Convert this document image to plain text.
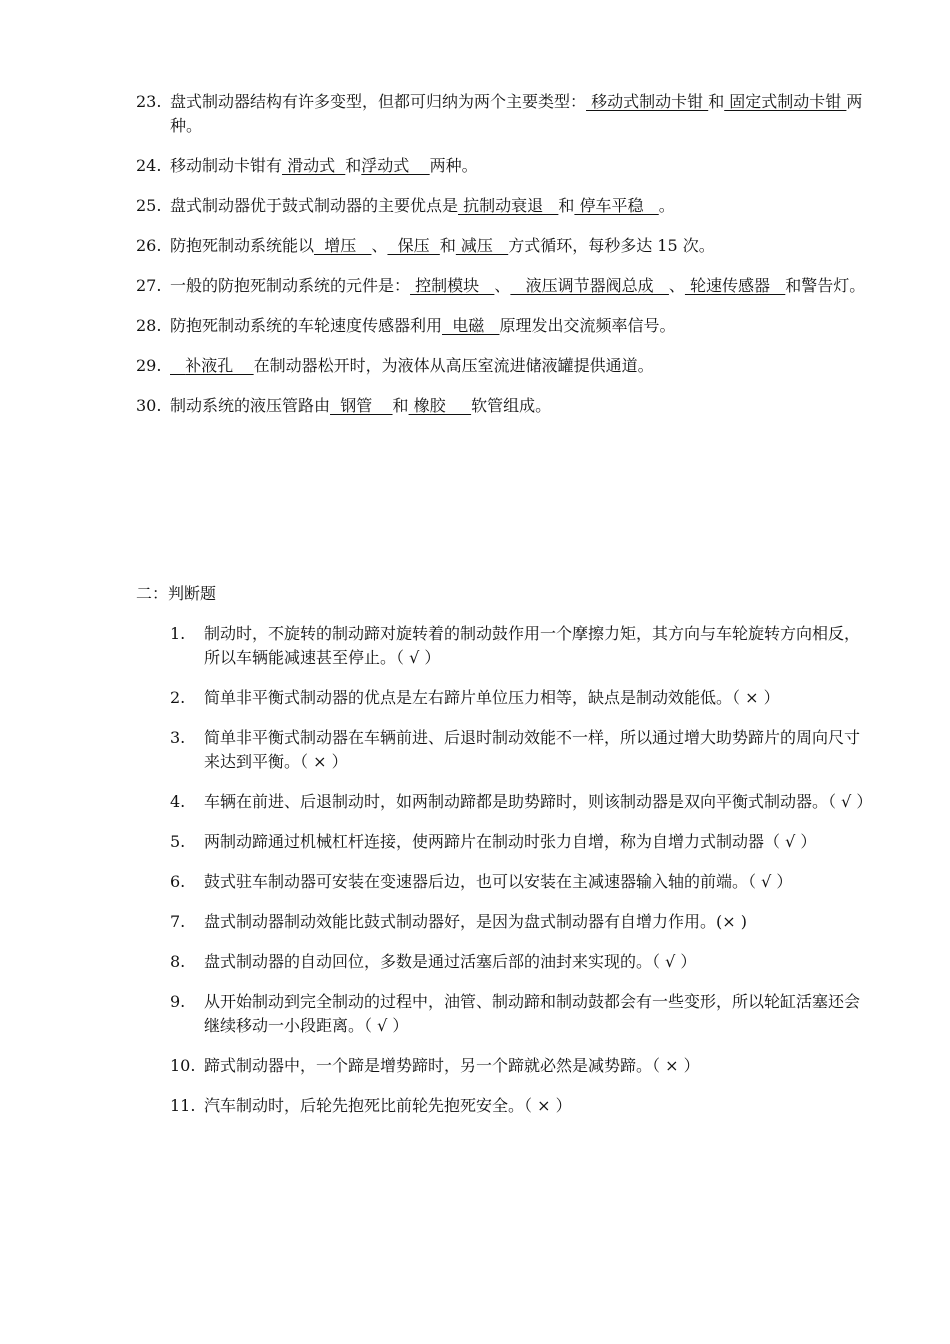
23. 盘式制动器结构有许多变型，但都可归纳为两个主要类型： 移动式制动卡钳 和 固定式制动卡钳 两种。
24. 移动制动卡钳有 滑动式  和浮动式    两种。
25. 盘式制动器优于鼓式制动器的主要优点是 抗制动衰退   和 停车平稳   。
26. 防抱死制动系统能以  增压   、  保压  和 减压   方式循环，每秒多达 15 次。
27. 一般的防抱死制动系统的元件是： 控制模块   、   液压调节器阀总成   、 轮速传感器   和警告灯。
28. 防抱死制动系统的车轮速度传感器利用  电磁   原理发出交流频率信号。
29. 补液孔    在制动器松开时，为液体从高压室流进储液罐提供通道。
30. 制动系统的液压管路由  钢管    和 橡胶     软管组成。
二：判断题
1.	制动时，不旋转的制动蹄对旋转着的制动鼓作用一个摩擦力矩，其方向与车轮旋转方向相反，所以车辆能减速甚至停止。（ √ ）
2.	简单非平衡式制动器的优点是左右蹄片单位压力相等，缺点是制动效能低。（ × ）
3.	简单非平衡式制动器在车辆前进、后退时制动效能不一样，所以通过增大助势蹄片的周向尺寸来达到平衡。（ × ）
4.	车辆在前进、后退制动时，如两制动蹄都是助势蹄时，则该制动器是双向平衡式制动器。（ √ ）
5.	两制动蹄通过机械杠杆连接，使两蹄片在制动时张力自增，称为自增力式制动器（ √ ）
6.	鼓式驻车制动器可安装在变速器后边，也可以安装在主减速器输入轴的前端。（ √ ）
7.	盘式制动器制动效能比鼓式制动器好，是因为盘式制动器有自增力作用。(× )
8.	盘式制动器的自动回位，多数是通过活塞后部的油封来实现的。（ √ ）
9.	从开始制动到完全制动的过程中，油管、制动蹄和制动鼓都会有一些变形，所以轮缸活塞还会继续移动一小段距离。（ √ ）
10. 蹄式制动器中，一个蹄是增势蹄时，另一个蹄就必然是减势蹄。（ × ）
11. 汽车制动时，后轮先抱死比前轮先抱死安全。（ × ）
